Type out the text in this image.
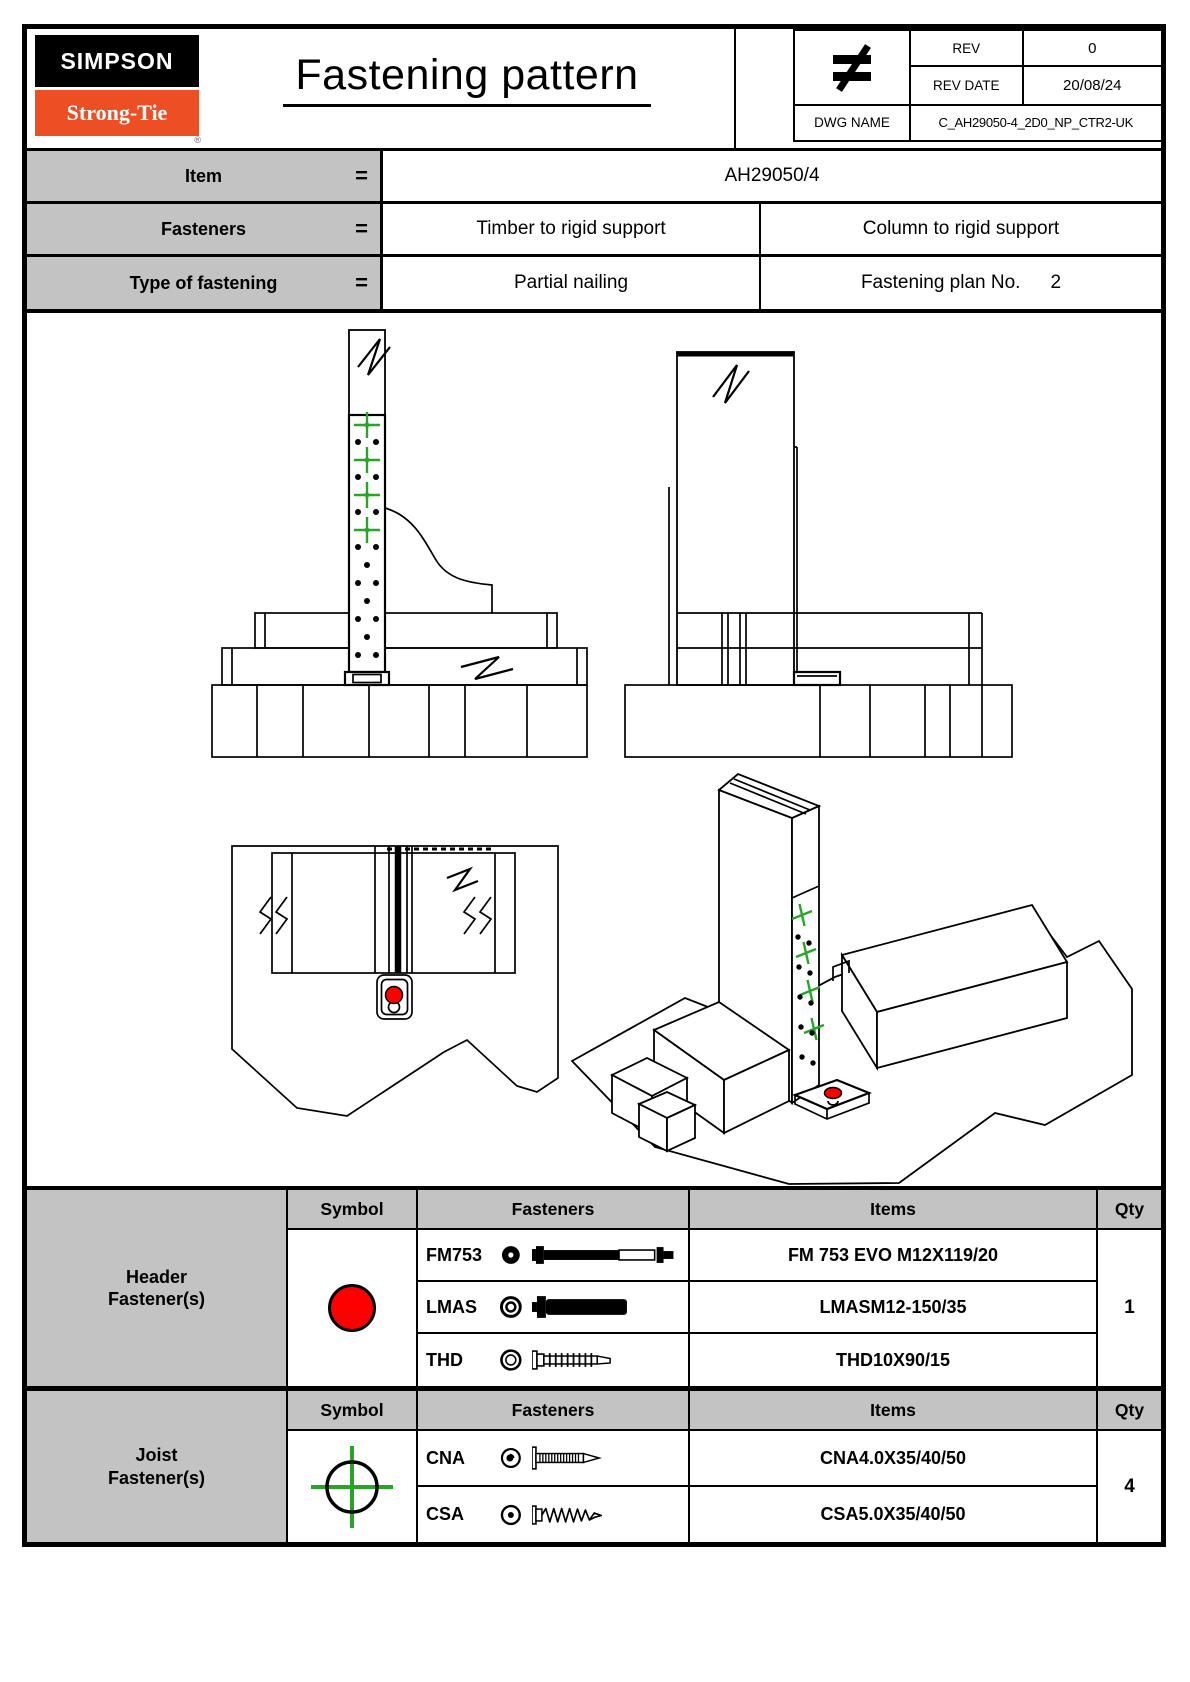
SIMPSON
Strong-Tie
®
Fastening pattern
REV	0
REV DATE	20/08/24
DWG NAME	C_AH29050-4_2D0_NP_CTR2-UK
Item	=	AH29050/4
Fasteners	=	Timber to rigid support	Column to rigid support
Type of fastening	=	Partial nailing	Fastening plan No. 2
Header
Fastener(s)
Symbol	Fasteners	Items	Qty
FM753	FM 753 EVO M12X119/20
LMAS	LMASM12-150/35
THD	THD10X90/15
1
Joist
Fastener(s)
Symbol	Fasteners	Items	Qty
CNA	CNA4.0X35/40/50
CSA	CSA5.0X35/40/50
4
